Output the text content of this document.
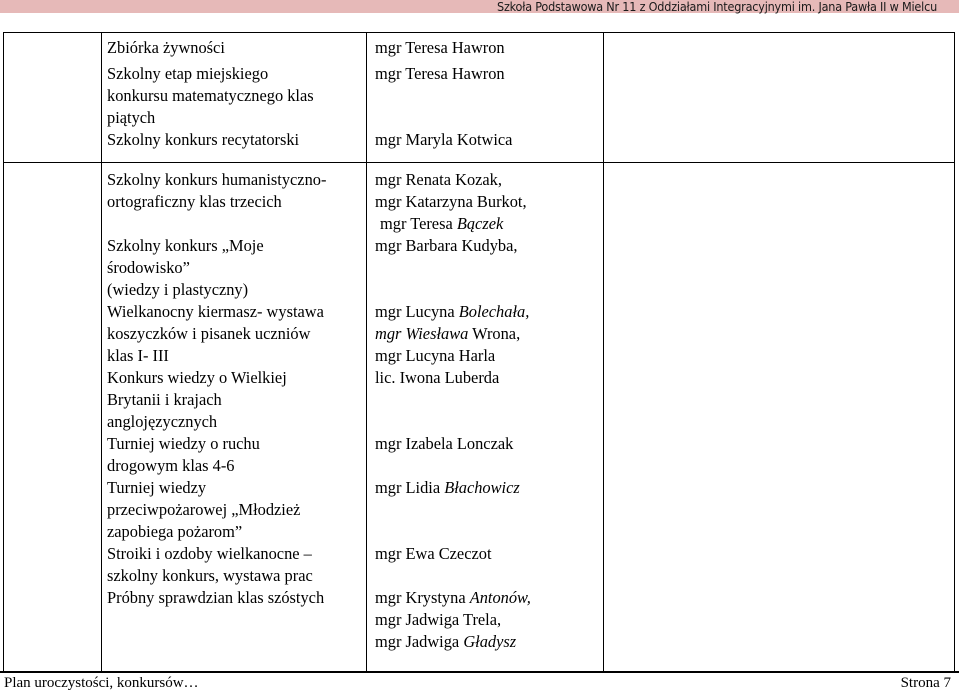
Szkoła Podstawowa Nr 11 z Oddziałami Integracyjnymi im. Jana Pawła II w Mielcu
Zbiórka żywności
Szkolny etap miejskiego
konkursu matematycznego klas
piątych
Szkolny konkurs recytatorski
Szkolny konkurs humanistyczno-
ortograficzny klas trzecich
Szkolny konkurs „Moje
środowisko”
(wiedzy i plastyczny)
Wielkanocny kiermasz- wystawa
koszyczków i pisanek uczniów
klas I- III
Konkurs wiedzy o Wielkiej
Brytanii i krajach
anglojęzycznych
Turniej wiedzy o ruchu
drogowym klas 4-6
Turniej wiedzy
przeciwpożarowej „Młodzież
zapobiega pożarom”
Stroiki i ozdoby wielkanocne –
szkolny konkurs, wystawa prac
Próbny sprawdzian klas szóstych
mgr Teresa Hawron
mgr Teresa Hawron
mgr Maryla Kotwica
mgr Renata Kozak,
mgr Katarzyna Burkot,
mgr Teresa Bączek
mgr Barbara Kudyba,
mgr Lucyna Bolechała,
mgr Wiesława Wrona,
mgr Lucyna Harla
lic. Iwona Luberda
mgr Izabela Lonczak
mgr Lidia Błachowicz
mgr Ewa Czeczot
mgr Krystyna Antonów,
mgr Jadwiga Trela,
mgr Jadwiga Gładysz
Plan uroczystości, konkursów…	Strona 7
